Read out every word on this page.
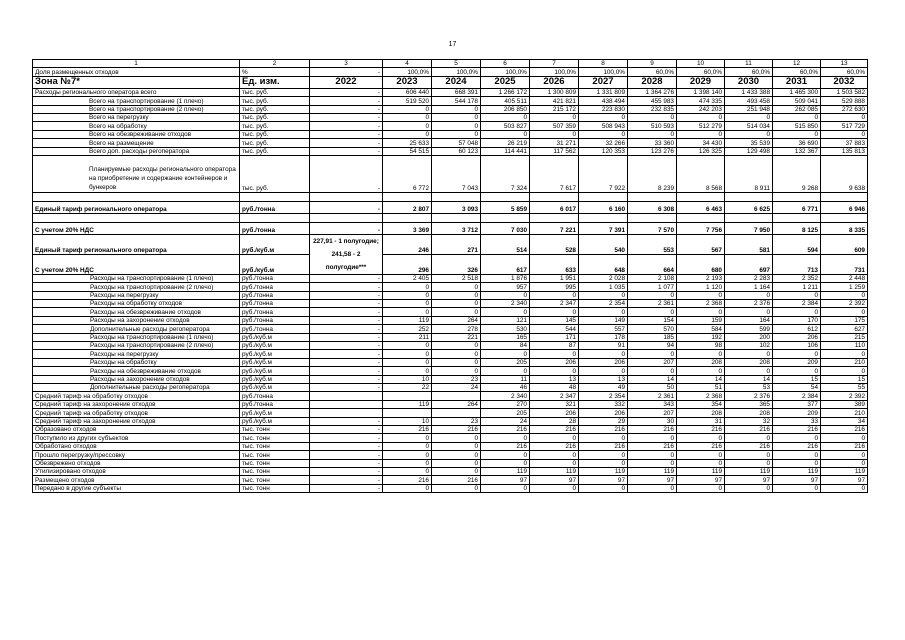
17
1	2	3	4	5	6	7	8	9	10	11	12	13
Доля размещенных отходов	%	-	100,0%	100,0%	100,0%	100,0%	100,0%	60,0%	60,0%	60,0%	60,0%	60,0%
Зона №7*	Ед. изм.	2022	2023	2024	2025	2026	2027	2028	2029	2030	2031	2032
Расходы регионального оператора всего	тыс. руб.	-	606 440	668 391	1 266 172	1 300 809	1 331 809	1 364 276	1 398 140	1 433 388	1 465 300	1 503 582
Всего на транспортирование (1 плечо)	тыс. руб.	-	519 520	544 178	405 511	421 821	438 494	455 983	474 335	493 458	509 041	529 888
Всего на транспортирование (2 плечо)	тыс. руб.	-	0	0	206 850	215 172	223 830	232 835	242 203	251 948	262 085	272 630
Всего на перегрузку	тыс. руб.	-	0	0	0	0	0	0	0	0	0	0
Всего на обработку	тыс. руб.	-	0	0	503 827	507 359	508 943	510 593	512 279	514 034	515 850	517 729
Всего на обезвреживание отходов	тыс. руб.	-	0	0	0	0	0	0	0	0	0	0
Всего на размещение	тыс. руб.	-	25 633	57 048	26 219	31 271	32 266	33 360	34 430	35 539	36 690	37 883
Всего доп. расходы регоператора	тыс. руб.	-	54 515	60 123	114 441	117 562	120 353	123 276	126 325	129 498	132 367	135 813
Планируемые расходы регионального оператора на приобретение и содержание контейнеров и бункеров	тыс. руб.	-	6 772	7 043	7 324	7 617	7 922	8 239	8 568	8 911	9 268	9 638

Единый тариф регионального оператора	руб./тонна	-	2 807	3 093	5 859	6 017	6 160	6 308	6 463	6 625	6 771	6 946

С учетом 20% НДС	руб./тонна	-	3 369	3 712	7 030	7 221	7 391	7 570	7 756	7 950	8 125	8 335
Единый тариф регионального оператора	руб./куб.м	227,91 - 1 полугодие; 241,58 - 2 полугодие***	246	271	514	528	540	553	567	581	594	609
С учетом 20% НДС	руб./куб.м		296	326	617	633	648	664	680	697	713	731
Расходы на транспортирование (1 плечо)	руб./тонна	-	2 405	2 518	1 876	1 951	2 028	2 108	2 193	2 283	2 352	2 448
Расходы на транспортирование (2 плечо)	руб./тонна	-	0	0	957	995	1 035	1 077	1 120	1 164	1 211	1 259
Расходы на перегрузку	руб./тонна	-	0	0	0	0	0	0	0	0	0	0
Расходы на обработку отходов	руб./тонна	-	0	0	2 340	2 347	2 354	2 361	2 368	2 376	2 384	2 392
Расходы на обезвреживание отходов	руб./тонна	-	0	0	0	0	0	0	0	0	0	0
Расходы на захоронение отходов	руб./тонна	-	119	264	121	145	149	154	159	164	170	175
Дополнительные расходы регоператора	руб./тонна	-	252	278	530	544	557	570	584	599	612	627
Расходы на транспортирование (1 плечо)	руб./куб.м	-	211	221	165	171	178	185	192	200	206	215
Расходы на транспортирование (2 плечо)	руб./куб.м	-	0	0	84	87	91	94	98	102	106	110
Расходы на перегрузку	руб./куб.м	-	0	0	0	0	0	0	0	0	0	0
Расходы на обработку	руб./куб.м	-	0	0	205	206	206	207	208	208	209	210
Расходы на обезвреживание отходов	руб./куб.м	-	0	0	0	0	0	0	0	0	0	0
Расходы на захоронение отходов	руб./куб.м	-	10	23	11	13	13	14	14	14	15	15
Дополнительные расходы регоператора	руб./куб.м	-	22	24	46	48	49	50	51	53	54	55
Средний тариф на обработку отходов	руб./тонна				2 340	2 347	2 354	2 361	2 368	2 376	2 384	2 392
Средний тариф на захоронение отходов	руб./тонна		119	264	270	321	332	343	354	365	377	389
Средний тариф на обработку отходов	руб./куб.м				205	206	206	207	208	208	209	210
Средний тариф на захоронение отходов	руб./куб.м	-	10	23	24	28	29	30	31	32	33	34
Образовано отходов	тыс. тонн	-	216	216	216	216	216	216	216	216	216	216
Поступило из других субъектов	тыс. тонн	-	0	0	0	0	0	0	0	0	0	0
Обработано отходов	тыс. тонн	-	0	0	216	216	216	216	216	216	216	216
Прошло перегрузку/прессовку	тыс. тонн	-	0	0	0	0	0	0	0	0	0	0
Обезврежено отходов	тыс. тонн	-	0	0	0	0	0	0	0	0	0	0
Утилизировано отходов	тыс. тонн	-	0	0	119	119	119	119	119	119	119	119
Размещено отходов	тыс. тонн	-	216	216	97	97	97	97	97	97	97	97
Передано в другие субъекты	тыс. тонн	-	0	0	0	0	0	0	0	0	0	0
